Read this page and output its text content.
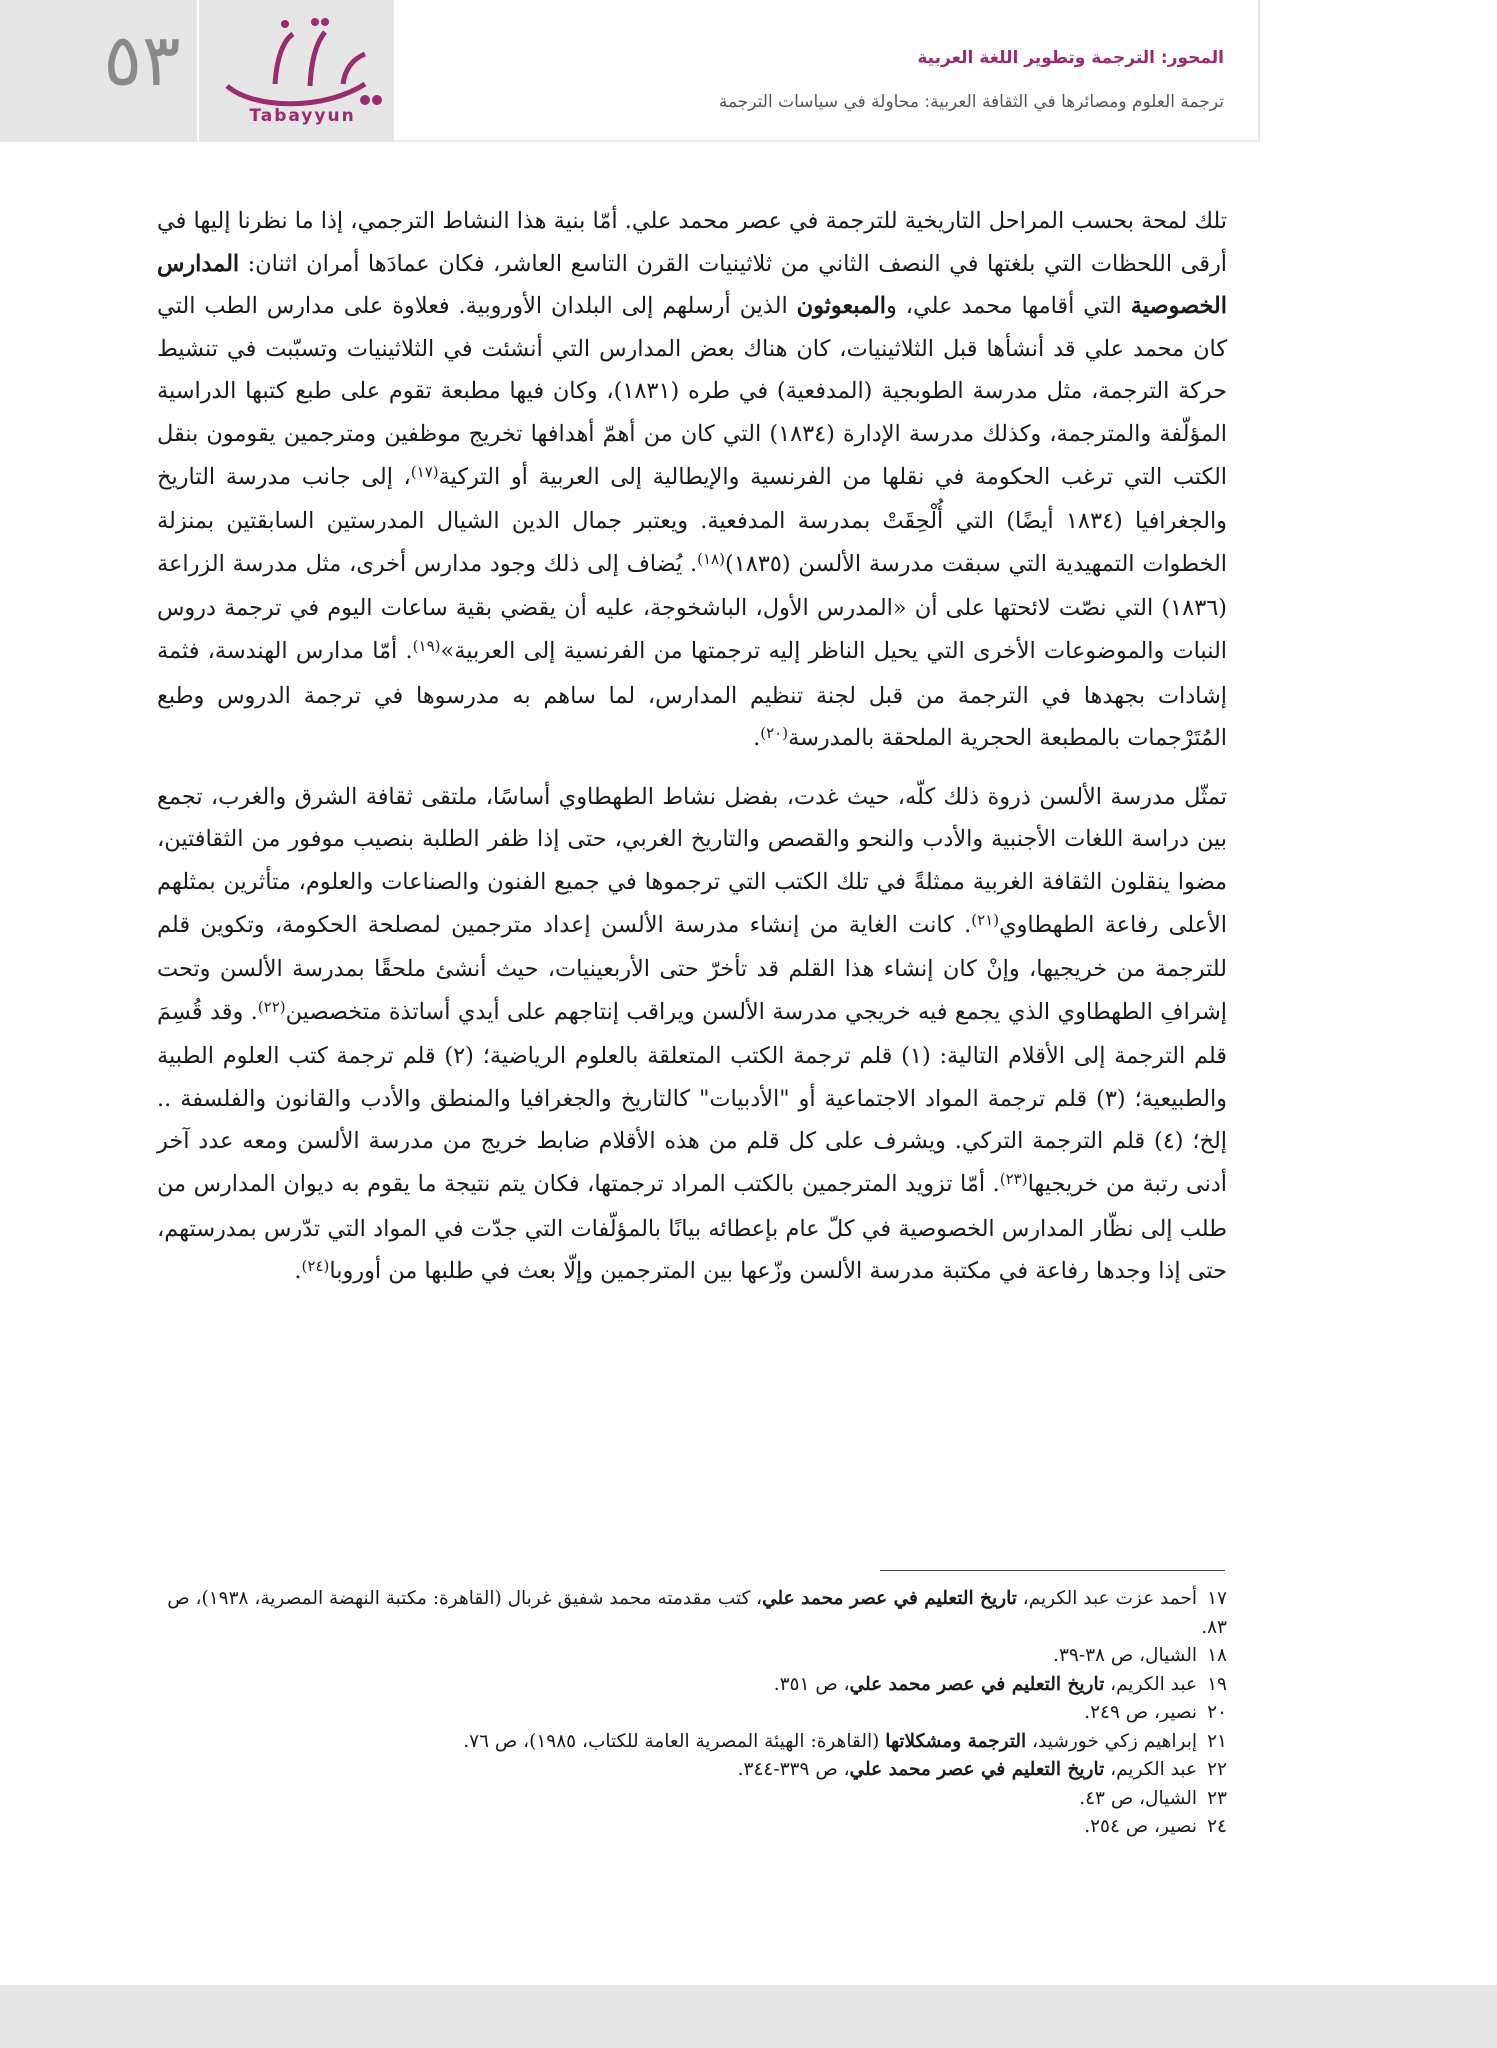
٥٣
Tabayyun
المحور: الترجمة وتطوير اللغة العربية
ترجمة العلوم ومصائرها في الثقافة العربية: محاولة في سياسات الترجمة

تلك لمحة بحسب المراحل التاريخية للترجمة في عصر محمد علي. أمّا بنية هذا النشاط الترجمي، إذا ما نظرنا إليها في أرقى اللحظات التي بلغتها في النصف الثاني من ثلاثينيات القرن التاسع العاشر، فكان عمادَها أمران اثنان: المدارس الخصوصية التي أقامها محمد علي، والمبعوثون الذين أرسلهم إلى البلدان الأوروبية. فعلاوة على مدارس الطب التي كان محمد علي قد أنشأها قبل الثلاثينيات، كان هناك بعض المدارس التي أنشئت في الثلاثينيات وتسبّبت في تنشيط حركة الترجمة، مثل مدرسة الطوبجية (المدفعية) في طره (١٨٣١)، وكان فيها مطبعة تقوم على طبع كتبها الدراسية المؤلّفة والمترجمة، وكذلك مدرسة الإدارة (١٨٣٤) التي كان من أهمّ أهدافها تخريج موظفين ومترجمين يقومون بنقل الكتب التي ترغب الحكومة في نقلها من الفرنسية والإيطالية إلى العربية أو التركية$^{(١٧)}$، إلى جانب مدرسة التاريخ والجغرافيا (١٨٣٤ أيضًا) التي أُلْحِقَتْ بمدرسة المدفعية. ويعتبر جمال الدين الشيال المدرستين السابقتين بمنزلة الخطوات التمهيدية التي سبقت مدرسة الألسن (١٨٣٥)$^{(١٨)}$. يُضاف إلى ذلك وجود مدارس أخرى، مثل مدرسة الزراعة (١٨٣٦) التي نصّت لائحتها على أن «المدرس الأول، الباشخوجة، عليه أن يقضي بقية ساعات اليوم في ترجمة دروس النبات والموضوعات الأخرى التي يحيل الناظر إليه ترجمتها من الفرنسية إلى العربية»$^{(١٩)}$. أمّا مدارس الهندسة، فثمة إشادات بجهدها في الترجمة من قبل لجنة تنظيم المدارس، لما ساهم به مدرسوها في ترجمة الدروس وطبع المُتَرْجمات بالمطبعة الحجرية الملحقة بالمدرسة$^{(٢٠)}$.

تمثّل مدرسة الألسن ذروة ذلك كلّه، حيث غدت، بفضل نشاط الطهطاوي أساسًا، ملتقى ثقافة الشرق والغرب، تجمع بين دراسة اللغات الأجنبية والأدب والنحو والقصص والتاريخ الغربي، حتى إذا ظفر الطلبة بنصيب موفور من الثقافتين، مضوا ينقلون الثقافة الغربية ممثلةً في تلك الكتب التي ترجموها في جميع الفنون والصناعات والعلوم، متأثرين بمثلهم الأعلى رفاعة الطهطاوي$^{(٢١)}$. كانت الغاية من إنشاء مدرسة الألسن إعداد مترجمين لمصلحة الحكومة، وتكوين قلم للترجمة من خريجيها، وإنْ كان إنشاء هذا القلم قد تأخرّ حتى الأربعينيات، حيث أنشئ ملحقًا بمدرسة الألسن وتحت إشرافِ الطهطاوي الذي يجمع فيه خريجي مدرسة الألسن ويراقب إنتاجهم على أيدي أساتذة متخصصين$^{(٢٢)}$. وقد قُسِمَ قلم الترجمة إلى الأقلام التالية: (١) قلم ترجمة الكتب المتعلقة بالعلوم الرياضية؛ (٢) قلم ترجمة كتب العلوم الطبية والطبيعية؛ (٣) قلم ترجمة المواد الاجتماعية أو "الأدبيات" كالتاريخ والجغرافيا والمنطق والأدب والقانون والفلسفة .. إلخ؛ (٤) قلم الترجمة التركي. ويشرف على كل قلم من هذه الأقلام ضابط خريج من مدرسة الألسن ومعه عدد آخر أدنى رتبة من خريجيها$^{(٢٣)}$. أمّا تزويد المترجمين بالكتب المراد ترجمتها، فكان يتم نتيجة ما يقوم به ديوان المدارس من طلب إلى نظّار المدارس الخصوصية في كلّ عام بإعطائه بيانًا بالمؤلّفات التي جدّت في المواد التي تدّرس بمدرستهم، حتى إذا وجدها رفاعة في مكتبة مدرسة الألسن وزّعها بين المترجمين وإلّا بعث في طلبها من أوروبا$^{(٢٤)}$.

١٧أحمد عزت عبد الكريم، تاريخ التعليم في عصر محمد علي، كتب مقدمته محمد شفيق غربال (القاهرة: مكتبة النهضة المصرية، ١٩٣٨)، ص ٨٣.

١٨الشيال، ص ٣٨-٣٩.

١٩عبد الكريم، تاريخ التعليم في عصر محمد علي، ص ٣٥١.

٢٠نصير، ص ٢٤٩.

٢١إبراهيم زكي خورشيد، الترجمة ومشكلاتها (القاهرة: الهيئة المصرية العامة للكتاب، ١٩٨٥)، ص ٧٦.

٢٢عبد الكريم، تاريخ التعليم في عصر محمد علي، ص ٣٣٩-٣٤٤.

٢٣الشيال، ص ٤٣.

٢٤نصير، ص ٢٥٤.
